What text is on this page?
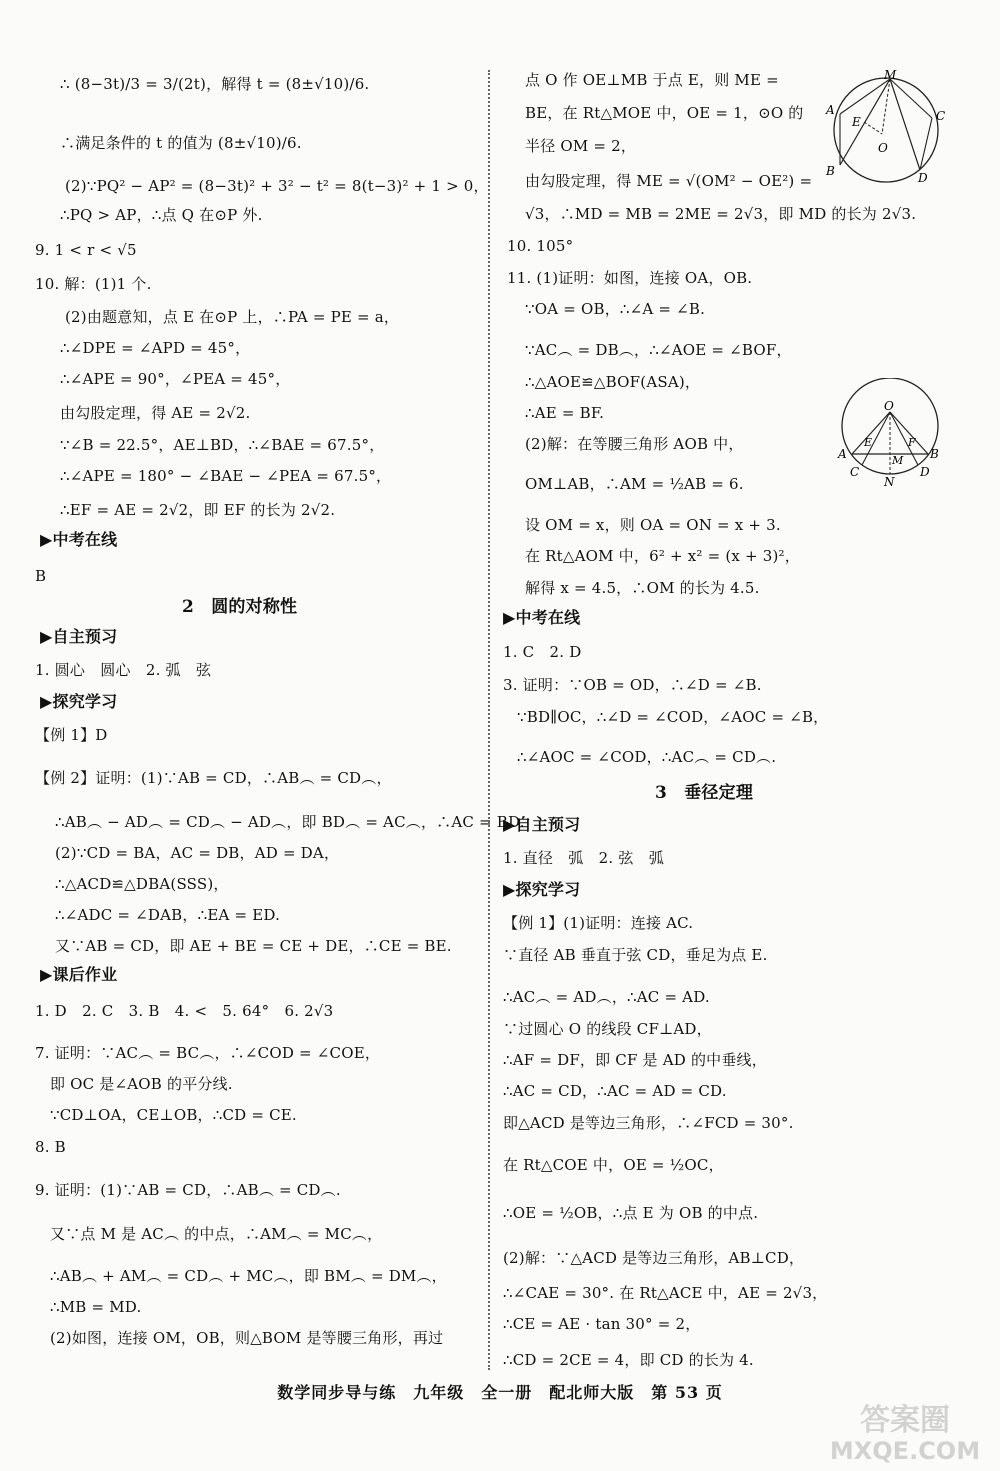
∴ (8−3t)/3 = 3/(2t)，解得 t = (8±√10)/6.
∴满足条件的 t 的值为 (8±√10)/6.
(2)∵PQ² − AP² = (8−3t)² + 3² − t² = 8(t−3)² + 1 > 0，
∴PQ > AP，∴点 Q 在⊙P 外.
9. 1 < r < √5
10. 解：(1)1 个.
(2)由题意知，点 E 在⊙P 上，∴PA = PE = a，
∴∠DPE = ∠APD = 45°，
∴∠APE = 90°，∠PEA = 45°，
由勾股定理，得 AE = 2√2.
∵∠B = 22.5°，AE⊥BD，∴∠BAE = 67.5°，
∴∠APE = 180° − ∠BAE − ∠PEA = 67.5°，
∴EF = AE = 2√2，即 EF 的长为 2√2.
▶中考在线
B
2　圆的对称性
▶自主预习
1. 圆心　圆心　2. 弧　弦
▶探究学习
【例 1】D
【例 2】证明：(1)∵AB = CD，∴AB︵ = CD︵，
∴AB︵ − AD︵ = CD︵ − AD︵，即 BD︵ = AC︵，∴AC = BD.
(2)∵CD = BA，AC = DB，AD = DA，
∴△ACD≌△DBA(SSS)，
∴∠ADC = ∠DAB，∴EA = ED.
又∵AB = CD，即 AE + BE = CE + DE，∴CE = BE.
▶课后作业
1. D　2. C　3. B　4. <　5. 64°　6. 2√3
7. 证明：∵AC︵ = BC︵，∴∠COD = ∠COE，
即 OC 是∠AOB 的平分线.
∵CD⊥OA，CE⊥OB，∴CD = CE.
8. B
9. 证明：(1)∵AB = CD，∴AB︵ = CD︵.
又∵点 M 是 AC︵ 的中点，∴AM︵ = MC︵，
∴AB︵ + AM︵ = CD︵ + MC︵，即 BM︵ = DM︵，
∴MB = MD.
(2)如图，连接 OM，OB，则△BOM 是等腰三角形，再过
点 O 作 OE⊥MB 于点 E，则 ME =
BE，在 Rt△MOE 中，OE = 1，⊙O 的
半径 OM = 2，
由勾股定理，得 ME = √(OM² − OE²) =
√3，∴MD = MB = 2ME = 2√3，即 MD 的长为 2√3.
10. 105°
11. (1)证明：如图，连接 OA，OB.
∵OA = OB，∴∠A = ∠B.
∵AC︵ = DB︵，∴∠AOE = ∠BOF，
∴△AOE≌△BOF(ASA)，
∴AE = BF.
(2)解：在等腰三角形 AOB 中，
OM⊥AB，∴AM = ½AB = 6.
设 OM = x，则 OA = ON = x + 3.
在 Rt△AOM 中，6² + x² = (x + 3)²，
解得 x = 4.5，∴OM 的长为 4.5.
▶中考在线
1. C　2. D
3. 证明：∵OB = OD，∴∠D = ∠B.
∵BD∥OC，∴∠D = ∠COD，∠AOC = ∠B，
∴∠AOC = ∠COD，∴AC︵ = CD︵.
3　垂径定理
▶自主预习
1. 直径　弧　2. 弦　弧
▶探究学习
【例 1】(1)证明：连接 AC.
∵直径 AB 垂直于弦 CD，垂足为点 E.
∴AC︵ = AD︵，∴AC = AD.
∵过圆心 O 的线段 CF⊥AD，
∴AF = DF，即 CF 是 AD 的中垂线，
∴AC = CD，∴AC = AD = CD.
即△ACD 是等边三角形，∴∠FCD = 30°.
在 Rt△COE 中，OE = ½OC，
∴OE = ½OB，∴点 E 为 OB 的中点.
(2)解：∵△ACD 是等边三角形，AB⊥CD，
∴∠CAE = 30°. 在 Rt△ACE 中，AE = 2√3，
∴CE = AE · tan 30° = 2，
∴CD = 2CE = 4，即 CD 的长为 4.
M
A	C
E
O
B	D
O
A
E	F
M B
C
N
D
数学同步导与练　九年级　全一册　配北师大版　第 53 页
答案圈
MXQE.COM
